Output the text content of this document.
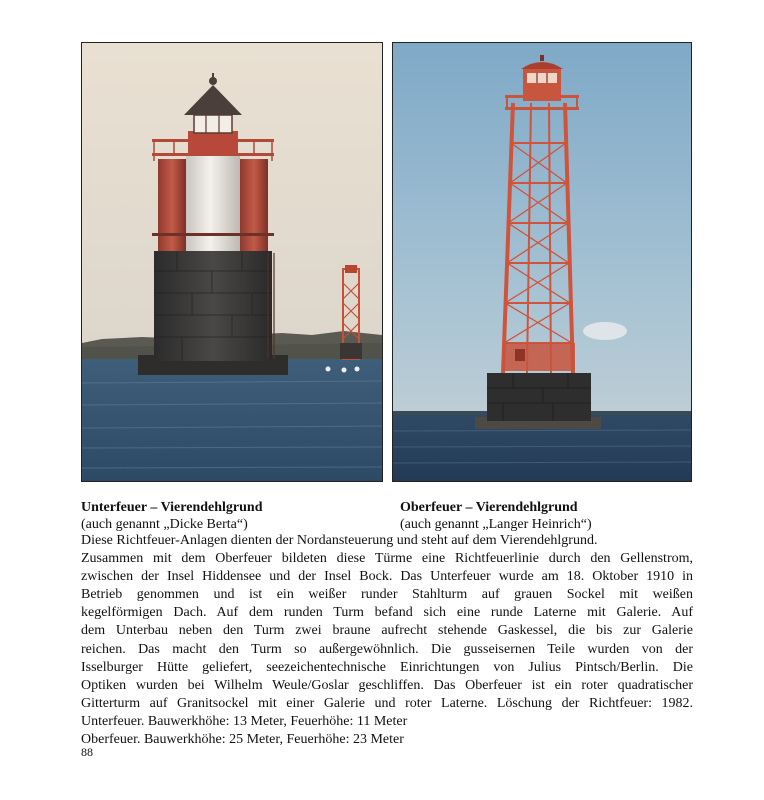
Unterfeuer – Vierendehlgrund
(auch genannt „Dicke Berta“)
Oberfeuer – Vierendehlgrund
(auch genannt „Langer Heinrich“)
Diese Richtfeuer-Anlagen dienten der Nordansteuerung und steht auf dem Vierendehlgrund.
Zusammen mit dem Oberfeuer bildeten diese Türme eine Richtfeuerlinie durch den Gellenstrom,
zwischen der Insel Hiddensee und der Insel Bock. Das Unterfeuer wurde am 18. Oktober 1910 in
Betrieb genommen und ist ein weißer runder Stahlturm auf grauen Sockel mit weißen
kegelförmigen Dach. Auf dem runden Turm befand sich eine runde Laterne mit Galerie. Auf
dem Unterbau neben den Turm zwei braune aufrecht stehende Gaskessel, die bis zur Galerie
reichen. Das macht den Turm so außergewöhnlich. Die gusseisernen Teile wurden von der
Isselburger Hütte geliefert, seezeichentechnische Einrichtungen von Julius Pintsch/Berlin. Die
Optiken wurden bei Wilhelm Weule/Goslar geschliffen. Das Oberfeuer ist ein roter quadratischer
Gitterturm auf Granitsockel mit einer Galerie und roter Laterne. Löschung der Richtfeuer: 1982.
Unterfeuer. Bauwerkhöhe: 13 Meter, Feuerhöhe: 11 Meter
Oberfeuer. Bauwerkhöhe: 25 Meter, Feuerhöhe: 23 Meter
88
